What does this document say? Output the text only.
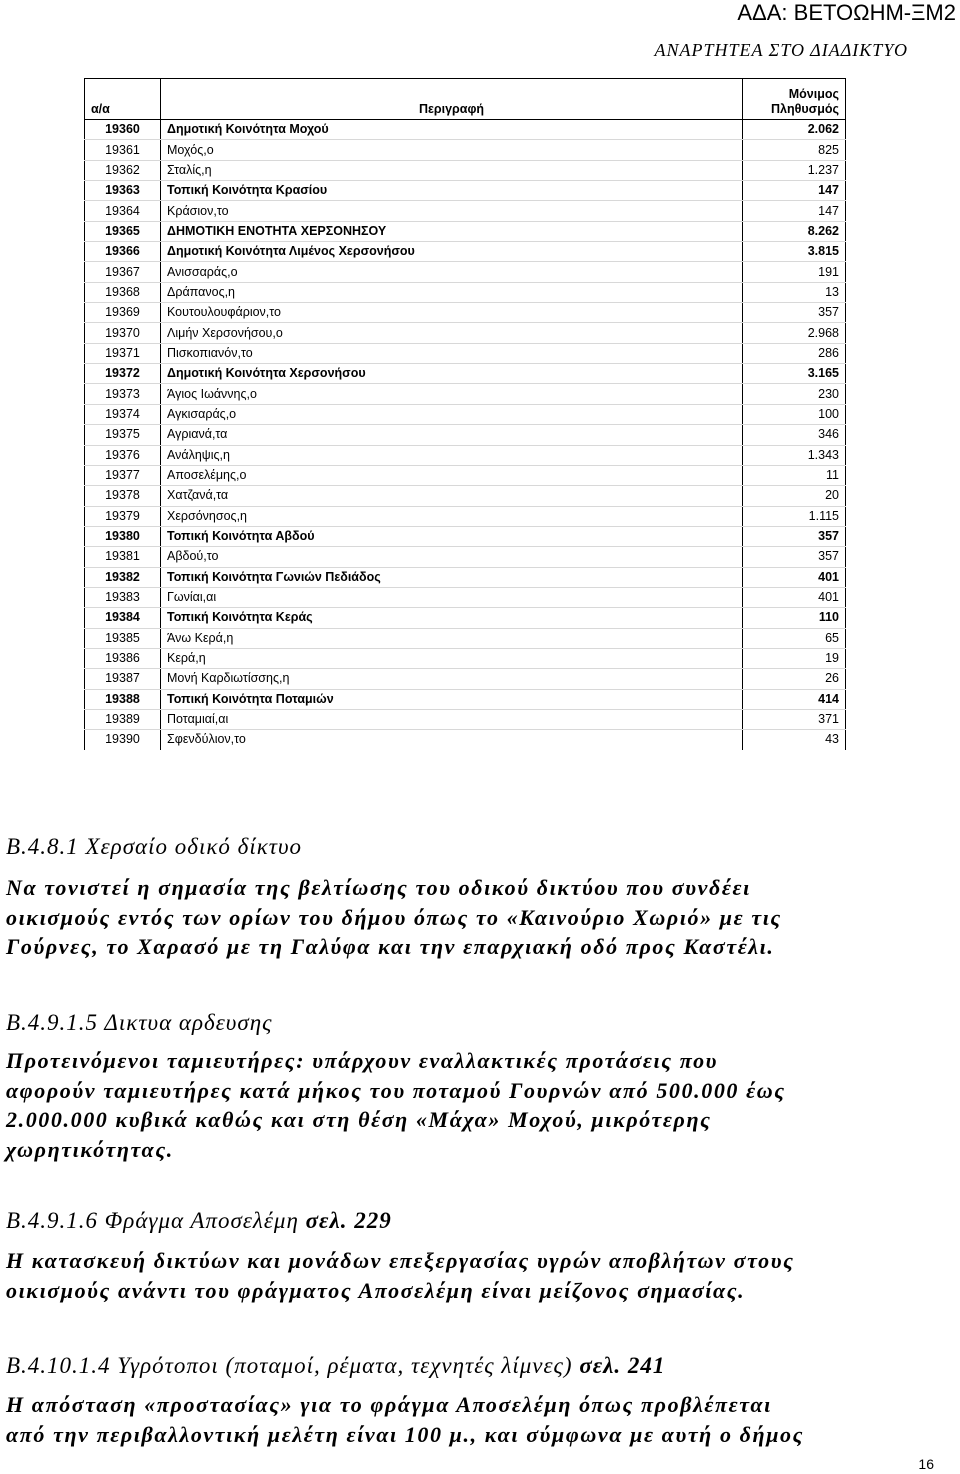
ΑΔΑ: ΒΕΤΟΩΗΜ-ΞΜ2
ΑΝΑΡΤΗΤΕΑ ΣΤΟ ΔΙΑΔΙΚΤΥΟ
α/α	Περιγραφή	Μόνιμος
Πληθυσμός
19360	Δημοτική Κοινότητα Μοχού	2.062
19361	Μοχός,ο	825
19362	Σταλίς,η	1.237
19363	Τοπική Κοινότητα Κρασίου	147
19364	Κράσιον,το	147
19365	ΔΗΜΟΤΙΚΗ ΕΝΟΤΗΤΑ ΧΕΡΣΟΝΗΣΟΥ	8.262
19366	Δημοτική Κοινότητα Λιμένος Χερσονήσου	3.815
19367	Ανισσαράς,ο	191
19368	Δράπανος,η	13
19369	Κουτουλουφάριον,το	357
19370	Λιμήν Χερσονήσου,ο	2.968
19371	Πισκοπιανόν,το	286
19372	Δημοτική Κοινότητα Χερσονήσου	3.165
19373	Άγιος Ιωάννης,ο	230
19374	Αγκισαράς,ο	100
19375	Αγριανά,τα	346
19376	Ανάληψις,η	1.343
19377	Αποσελέμης,ο	11
19378	Χατζανά,τα	20
19379	Χερσόνησος,η	1.115
19380	Τοπική Κοινότητα Αβδού	357
19381	Αβδού,το	357
19382	Τοπική Κοινότητα Γωνιών Πεδιάδος	401
19383	Γωνίαι,αι	401
19384	Τοπική Κοινότητα Κεράς	110
19385	Άνω Κερά,η	65
19386	Κερά,η	19
19387	Μονή Καρδιωτίσσης,η	26
19388	Τοπική Κοινότητα Ποταμιών	414
19389	Ποταμιαί,αι	371
19390	Σφενδύλιον,το	43
Β.4.8.1 Χερσαίο οδικό δίκτυο
Να τονιστεί η σημασία της βελτίωσης του οδικού δικτύου που συνδέει
οικισμούς εντός των ορίων του δήμου όπως το «Καινούριο Χωριό» με τις
Γούρνες, το Χαρασό με τη Γαλύφα και την επαρχιακή οδό προς Καστέλι.
Β.4.9.1.5 Δικτυα αρδευσης
Προτεινόμενοι ταμιευτήρες: υπάρχουν εναλλακτικές προτάσεις που
αφορούν ταμιευτήρες κατά μήκος του ποταμού Γουρνών από 500.000 έως
2.000.000 κυβικά καθώς και στη θέση «Μάχα» Μοχού, μικρότερης
χωρητικότητας.
Β.4.9.1.6 Φράγμα Αποσελέμη σελ. 229
Η κατασκευή δικτύων και μονάδων επεξεργασίας υγρών αποβλήτων στους
οικισμούς ανάντι του φράγματος Αποσελέμη είναι μείζονος σημασίας.
Β.4.10.1.4 Υγρότοποι (ποταμοί, ρέματα, τεχνητές λίμνες) σελ. 241
Η απόσταση «προστασίας» για το φράγμα Αποσελέμη όπως προβλέπεται
από την περιβαλλοντική μελέτη είναι 100 μ., και σύμφωνα με αυτή ο δήμος
16
